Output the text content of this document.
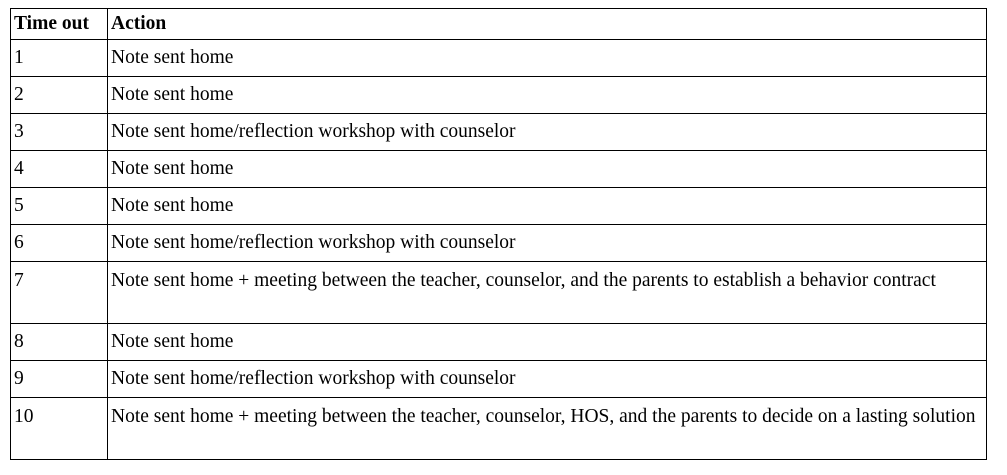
Time out	Action
1	Note sent home
2	Note sent home
3	Note sent home/reflection workshop with counselor
4	Note sent home
5	Note sent home
6	Note sent home/reflection workshop with counselor
7	Note sent home + meeting between the teacher, counselor, and the parents to establish a behavior contract
8	Note sent home
9	Note sent home/reflection workshop with counselor
10	Note sent home + meeting between the teacher, counselor, HOS, and the parents to decide on a lasting solution
